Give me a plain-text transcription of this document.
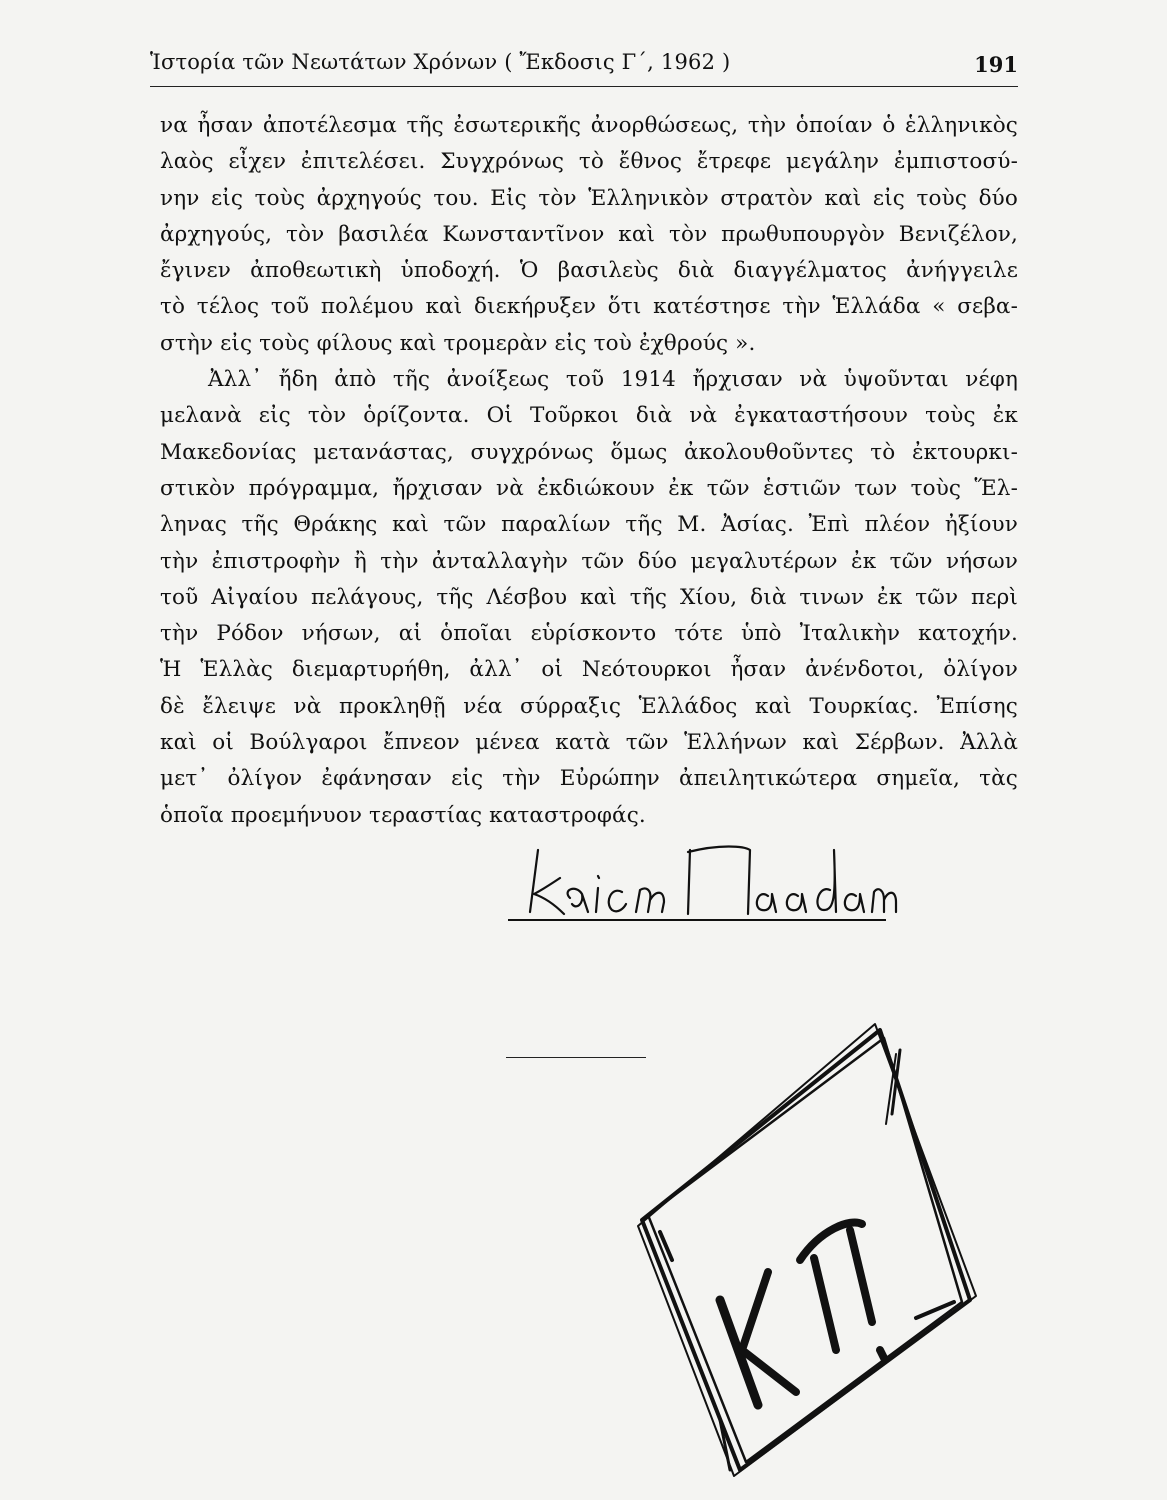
Ἱστορία τῶν Νεωτάτων Χρόνων ( Ἔκδοσις Γ΄, 1962 )	191
να ἦσαν ἀποτέλεσμα τῆς ἐσωτερικῆς ἀνορθώσεως, τὴν ὁποίαν ὁ ἑλληνικὸς
λαὸς εἶχεν ἐπιτελέσει. Συγχρόνως τὸ ἔθνος ἔτρεφε μεγάλην ἐμπιστοσύ-
νην εἰς τοὺς ἀρχηγούς του. Εἰς τὸν Ἑλληνικὸν στρατὸν καὶ εἰς τοὺς δύο
ἀρχηγούς, τὸν βασιλέα Κωνσταντῖνον καὶ τὸν πρωθυπουργὸν Βενιζέλον,
ἔγινεν ἀποθεωτικὴ ὑποδοχή. Ὁ βασιλεὺς διὰ διαγγέλματος ἀνήγγειλε
τὸ τέλος τοῦ πολέμου καὶ διεκήρυξεν ὅτι κατέστησε τὴν Ἑλλάδα « σεβα-
στὴν εἰς τοὺς φίλους καὶ τρομερὰν εἰς τοὺ ἐχθρούς ».
Ἀλλ᾽ ἤδη ἀπὸ τῆς ἀνοίξεως τοῦ 1914 ἤρχισαν νὰ ὑψοῦνται νέφη
μελανὰ εἰς τὸν ὁρίζοντα. Οἱ Τοῦρκοι διὰ νὰ ἐγκαταστήσουν τοὺς ἐκ
Μακεδονίας μετανάστας, συγχρόνως ὅμως ἀκολουθοῦντες τὸ ἐκτουρκι-
στικὸν πρόγραμμα, ἤρχισαν νὰ ἐκδιώκουν ἐκ τῶν ἑστιῶν των τοὺς Ἕλ-
ληνας τῆς Θράκης καὶ τῶν παραλίων τῆς Μ. Ἀσίας. Ἐπὶ πλέον ἠξίουν
τὴν ἐπιστροφὴν ἢ τὴν ἀνταλλαγὴν τῶν δύο μεγαλυτέρων ἐκ τῶν νήσων
τοῦ Αἰγαίου πελάγους, τῆς Λέσβου καὶ τῆς Χίου, διὰ τινων ἐκ τῶν περὶ
τὴν Ρόδον νήσων, αἱ ὁποῖαι εὑρίσκοντο τότε ὑπὸ Ἰταλικὴν κατοχήν.
Ἡ Ἑλλὰς διεμαρτυρήθη, ἀλλ᾽ οἱ Νεότουρκοι ἦσαν ἀνένδοτοι, ὀλίγον
δὲ ἔλειψε νὰ προκληθῇ νέα σύρραξις Ἑλλάδος καὶ Τουρκίας. Ἐπίσης
καὶ οἱ Βούλγαροι ἔπνεον μένεα κατὰ τῶν Ἑλλήνων καὶ Σέρβων. Ἀλλὰ
μετ᾽ ὀλίγον ἐφάνησαν εἰς τὴν Εὐρώπην ἀπειλητικώτερα σημεῖα, τὰς
ὁποῖα προεμήνυον τεραστίας καταστροφάς.
